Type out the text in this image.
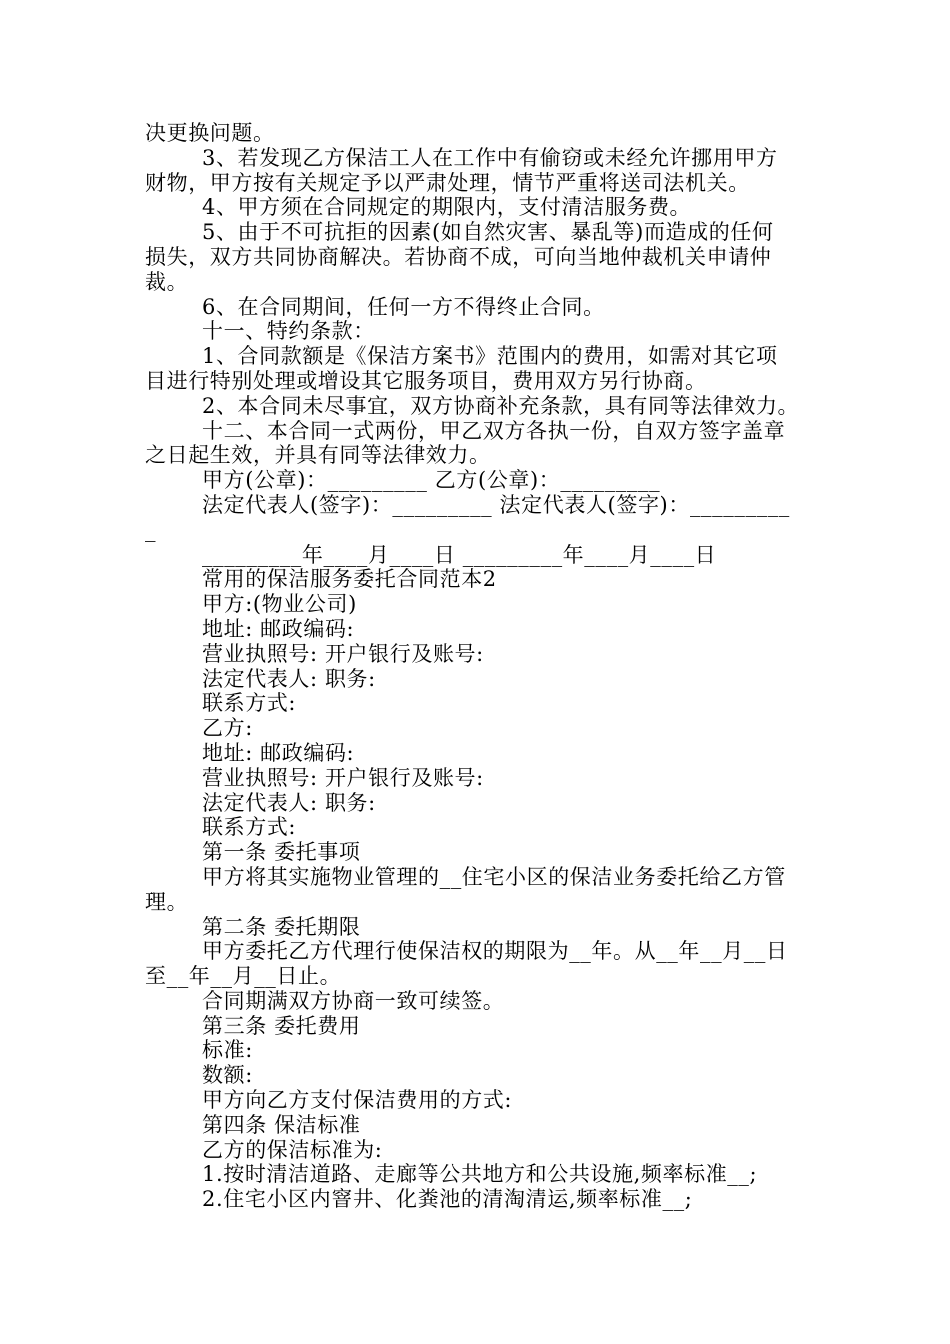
决更换问题。
3、若发现乙方保洁工人在工作中有偷窃或未经允许挪用甲方
财物，甲方按有关规定予以严肃处理，情节严重将送司法机关。
4、甲方须在合同规定的期限内，支付清洁服务费。
5、由于不可抗拒的因素(如自然灾害、暴乱等)而造成的任何
损失，双方共同协商解决。若协商不成，可向当地仲裁机关申请仲
裁。
6、在合同期间，任何一方不得终止合同。
十一、特约条款：
1、合同款额是《保洁方案书》范围内的费用，如需对其它项
目进行特别处理或增设其它服务项目，费用双方另行协商。
2、本合同未尽事宜，双方协商补充条款，具有同等法律效力。
十二、本合同一式两份，甲乙双方各执一份，自双方签字盖章
之日起生效，并具有同等法律效力。
甲方(公章)：_________ 乙方(公章)：_________
法定代表人(签字)：_________ 法定代表人(签字)：_________
_
_________年____月____日 _________年____月____日
常用的保洁服务委托合同范本2
甲方:(物业公司)
地址: 邮政编码:
营业执照号: 开户银行及账号:
法定代表人: 职务:
联系方式:
乙方:
地址: 邮政编码:
营业执照号: 开户银行及账号:
法定代表人: 职务:
联系方式:
第一条 委托事项
甲方将其实施物业管理的__住宅小区的保洁业务委托给乙方管
理。
第二条 委托期限
甲方委托乙方代理行使保洁权的期限为__年。从__年__月__日
至__年__月__日止。
合同期满双方协商一致可续签。
第三条 委托费用
标准:
数额:
甲方向乙方支付保洁费用的方式:
第四条 保洁标准
乙方的保洁标准为:
1.按时清洁道路、走廊等公共地方和公共设施,频率标准__;
2.住宅小区内窨井、化粪池的清淘清运,频率标准__;
